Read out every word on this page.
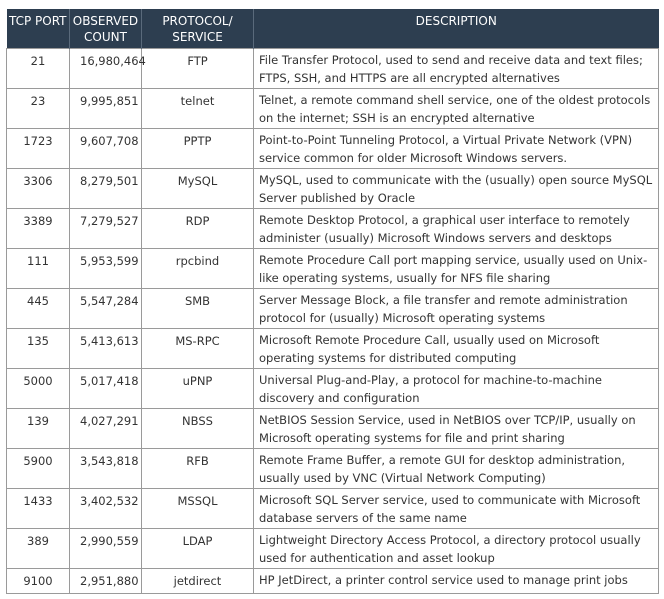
TCP PORT	OBSERVED COUNT	PROTOCOL/ SERVICE	DESCRIPTION
21	16,980,464	FTP	File Transfer Protocol, used to send and receive data and text files; FTPS, SSH, and HTTPS are all encrypted alternatives
23	9,995,851	telnet	Telnet, a remote command shell service, one of the oldest protocols on the internet; SSH is an encrypted alternative
1723	9,607,708	PPTP	Point-to-Point Tunneling Protocol, a Virtual Private Network (VPN) service common for older Microsoft Windows servers.
3306	8,279,501	MySQL	MySQL, used to communicate with the (usually) open source MySQL Server published by Oracle
3389	7,279,527	RDP	Remote Desktop Protocol, a graphical user interface to remotely administer (usually) Microsoft Windows servers and desktops
111	5,953,599	rpcbind	Remote Procedure Call port mapping service, usually used on Unix-like operating systems, usually for NFS file sharing
445	5,547,284	SMB	Server Message Block, a file transfer and remote administration protocol for (usually) Microsoft operating systems
135	5,413,613	MS-RPC	Microsoft Remote Procedure Call, usually used on Microsoft operating systems for distributed computing
5000	5,017,418	uPNP	Universal Plug-and-Play, a protocol for machine-to-machine discovery and configuration
139	4,027,291	NBSS	NetBIOS Session Service, used in NetBIOS over TCP/IP, usually on Microsoft operating systems for file and print sharing
5900	3,543,818	RFB	Remote Frame Buffer, a remote GUI for desktop administration, usually used by VNC (Virtual Network Computing)
1433	3,402,532	MSSQL	Microsoft SQL Server service, used to communicate with Microsoft database servers of the same name
389	2,990,559	LDAP	Lightweight Directory Access Protocol, a directory protocol usually used for authentication and asset lookup
9100	2,951,880	jetdirect	HP JetDirect, a printer control service used to manage print jobs
